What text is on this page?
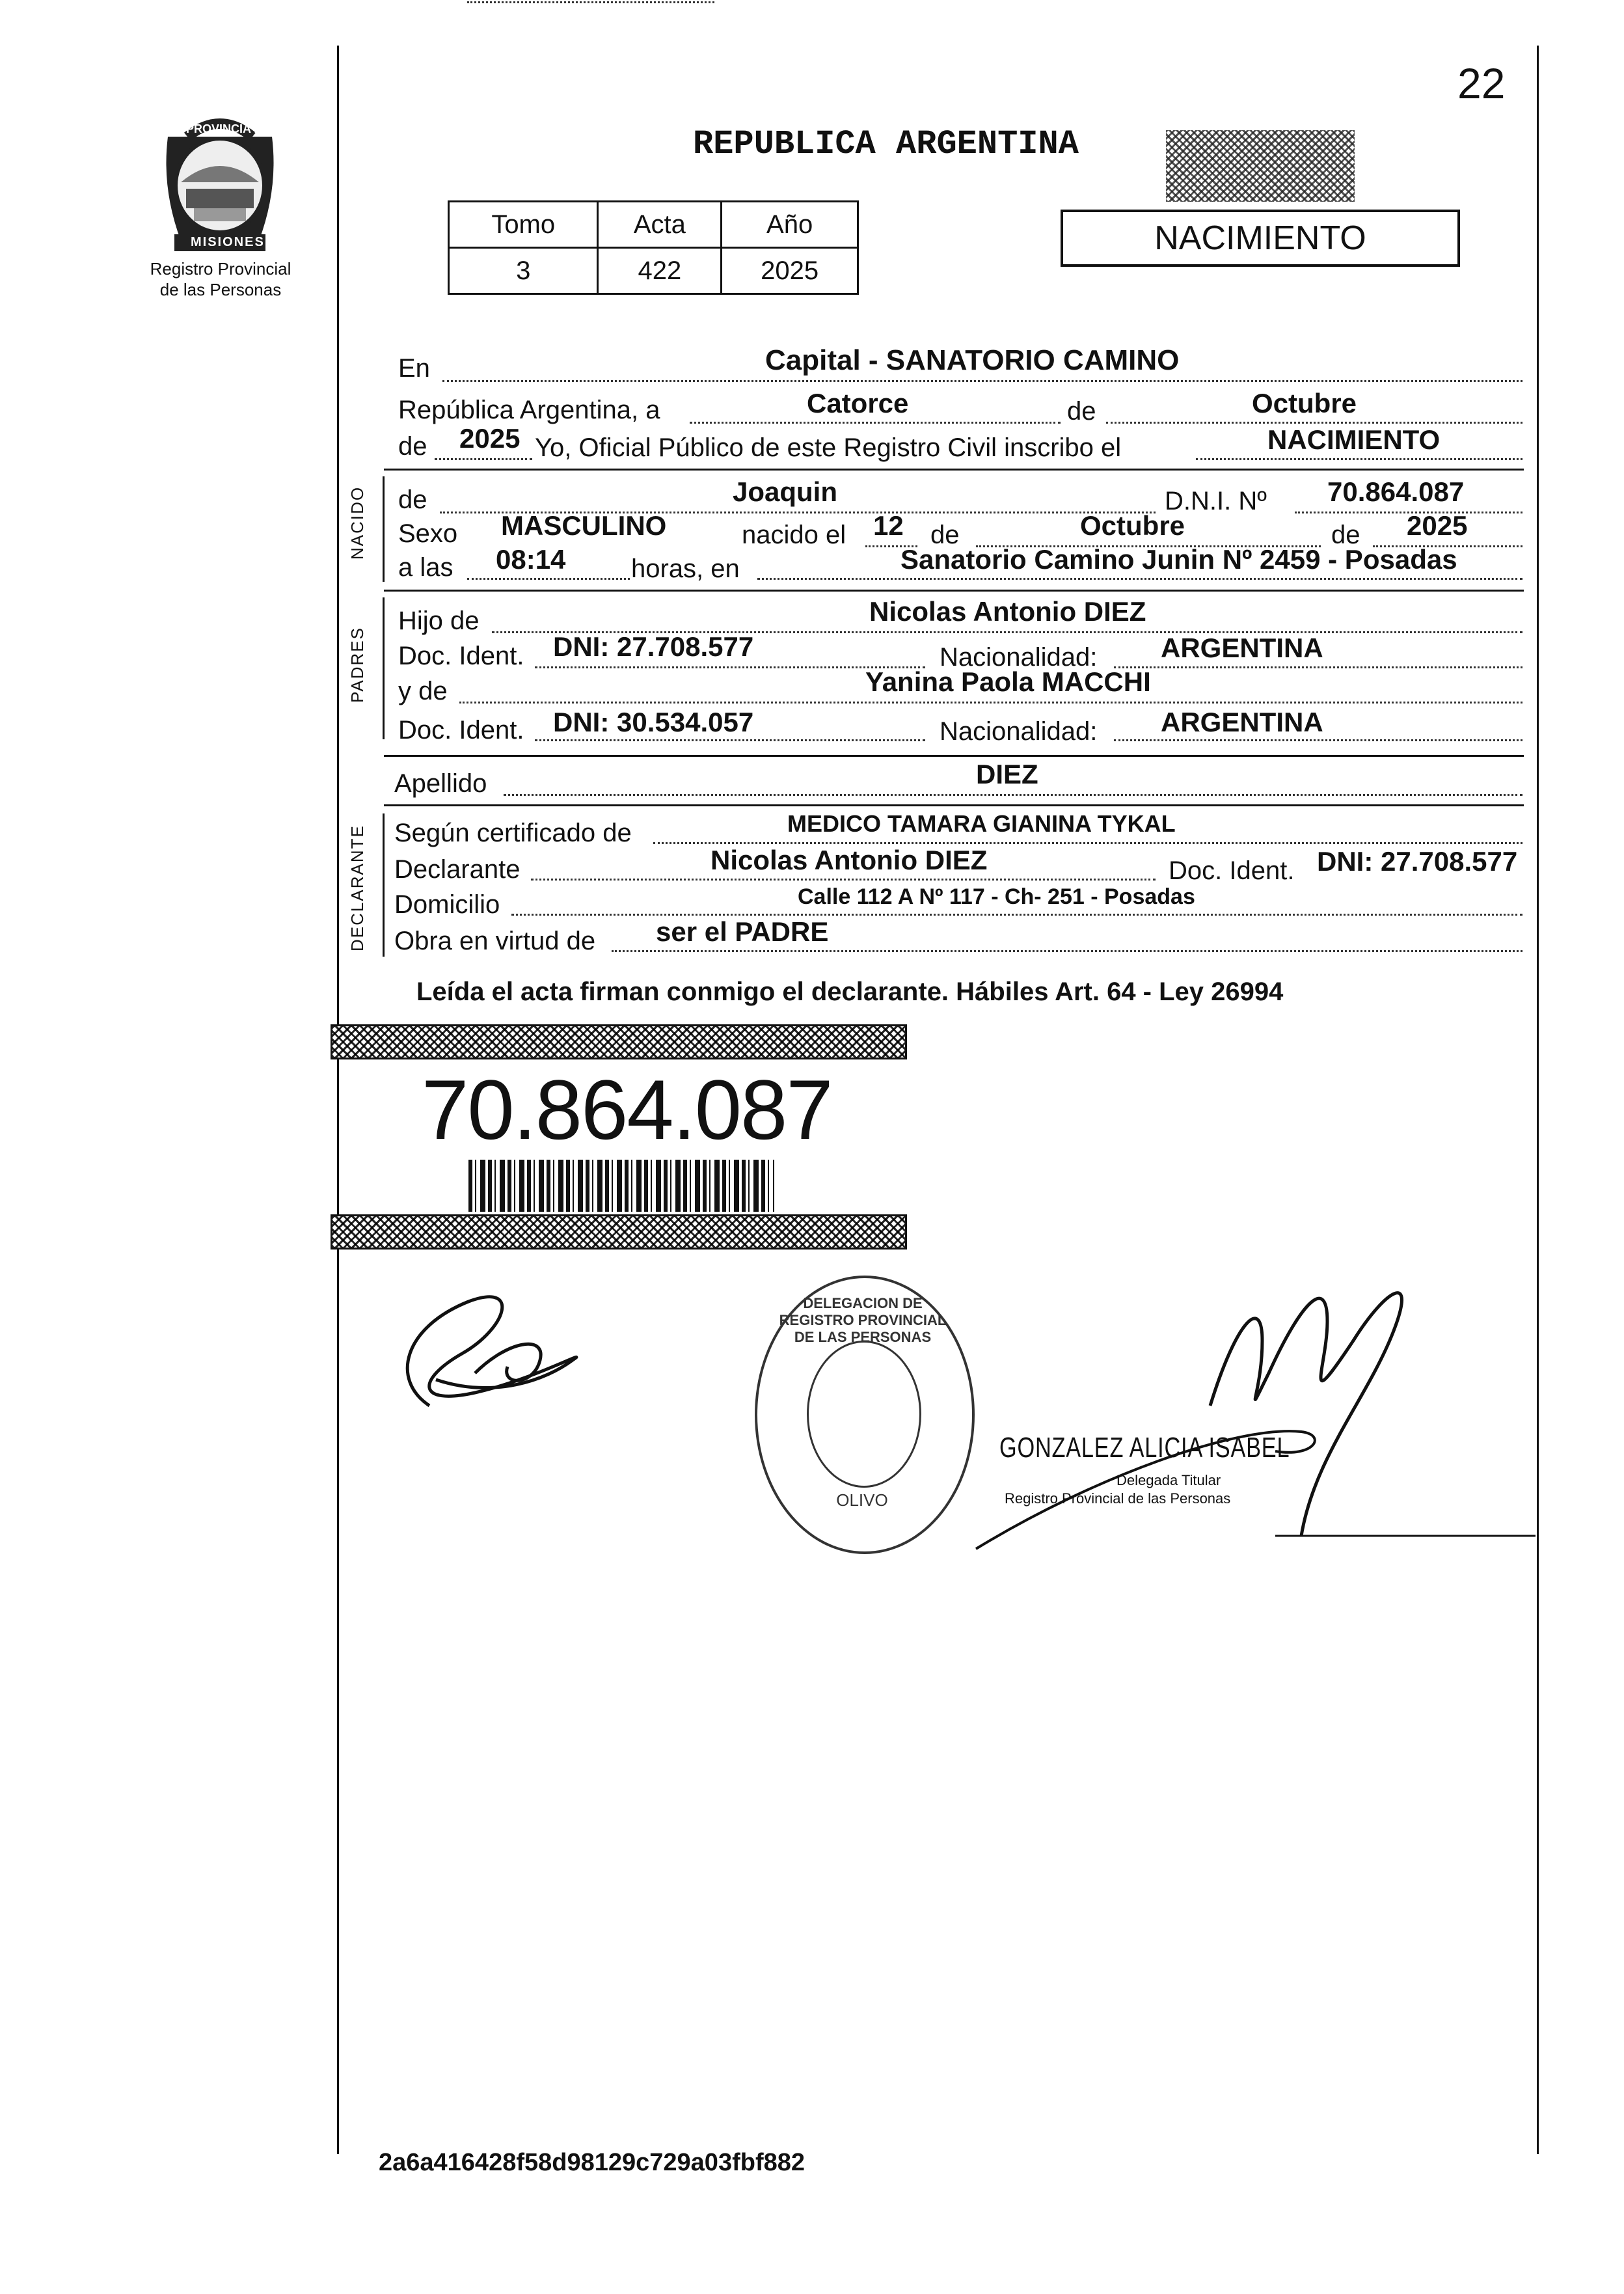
22
PROVINCIA DE
MISIONES
Registro Provincial
de las Personas
REPUBLICA ARGENTINA
Tomo	Acta	Año
3	422	2025
NACIMIENTO
En	Capital - SANATORIO CAMINO
República Argentina, a	Catorce	de	Octubre
de 2025 Yo, Oficial Público de este Registro Civil inscribo el	NACIMIENTO
NACIDO de	Joaquin	D.N.I. Nº 70.864.087
Sexo MASCULINO	nacido el 12 de	Octubre	de 2025
a las 08:14	horas, en	Sanatorio Camino Junin Nº 2459 - Posadas
PADRES
Hijo de	Nicolas Antonio DIEZ
Doc. Ident. DNI: 27.708.577	Nacionalidad: ARGENTINA
y de	Yanina Paola MACCHI
Doc. Ident. DNI: 30.534.057	Nacionalidad: ARGENTINA
Apellido	DIEZ
DECLARANTE Según certificado de	MEDICO TAMARA GIANINA TYKAL
Declarante	Nicolas Antonio DIEZ	Doc. Ident. DNI: 27.708.577
Domicilio	Calle 112 A Nº 117 - Ch- 251 - Posadas
Obra en virtud de ser el PADRE
Leída el acta firman conmigo el declarante. Hábiles Art. 64 - Ley 26994
70.864.087
DELEGACION DE REGISTRO PROVINCIAL DE LAS PERSONAS
OLIVO
GONZALEZ ALICIA ISABEL
Delegada Titular
Registro Provincial de las Personas
2a6a416428f58d98129c729a03fbf882
